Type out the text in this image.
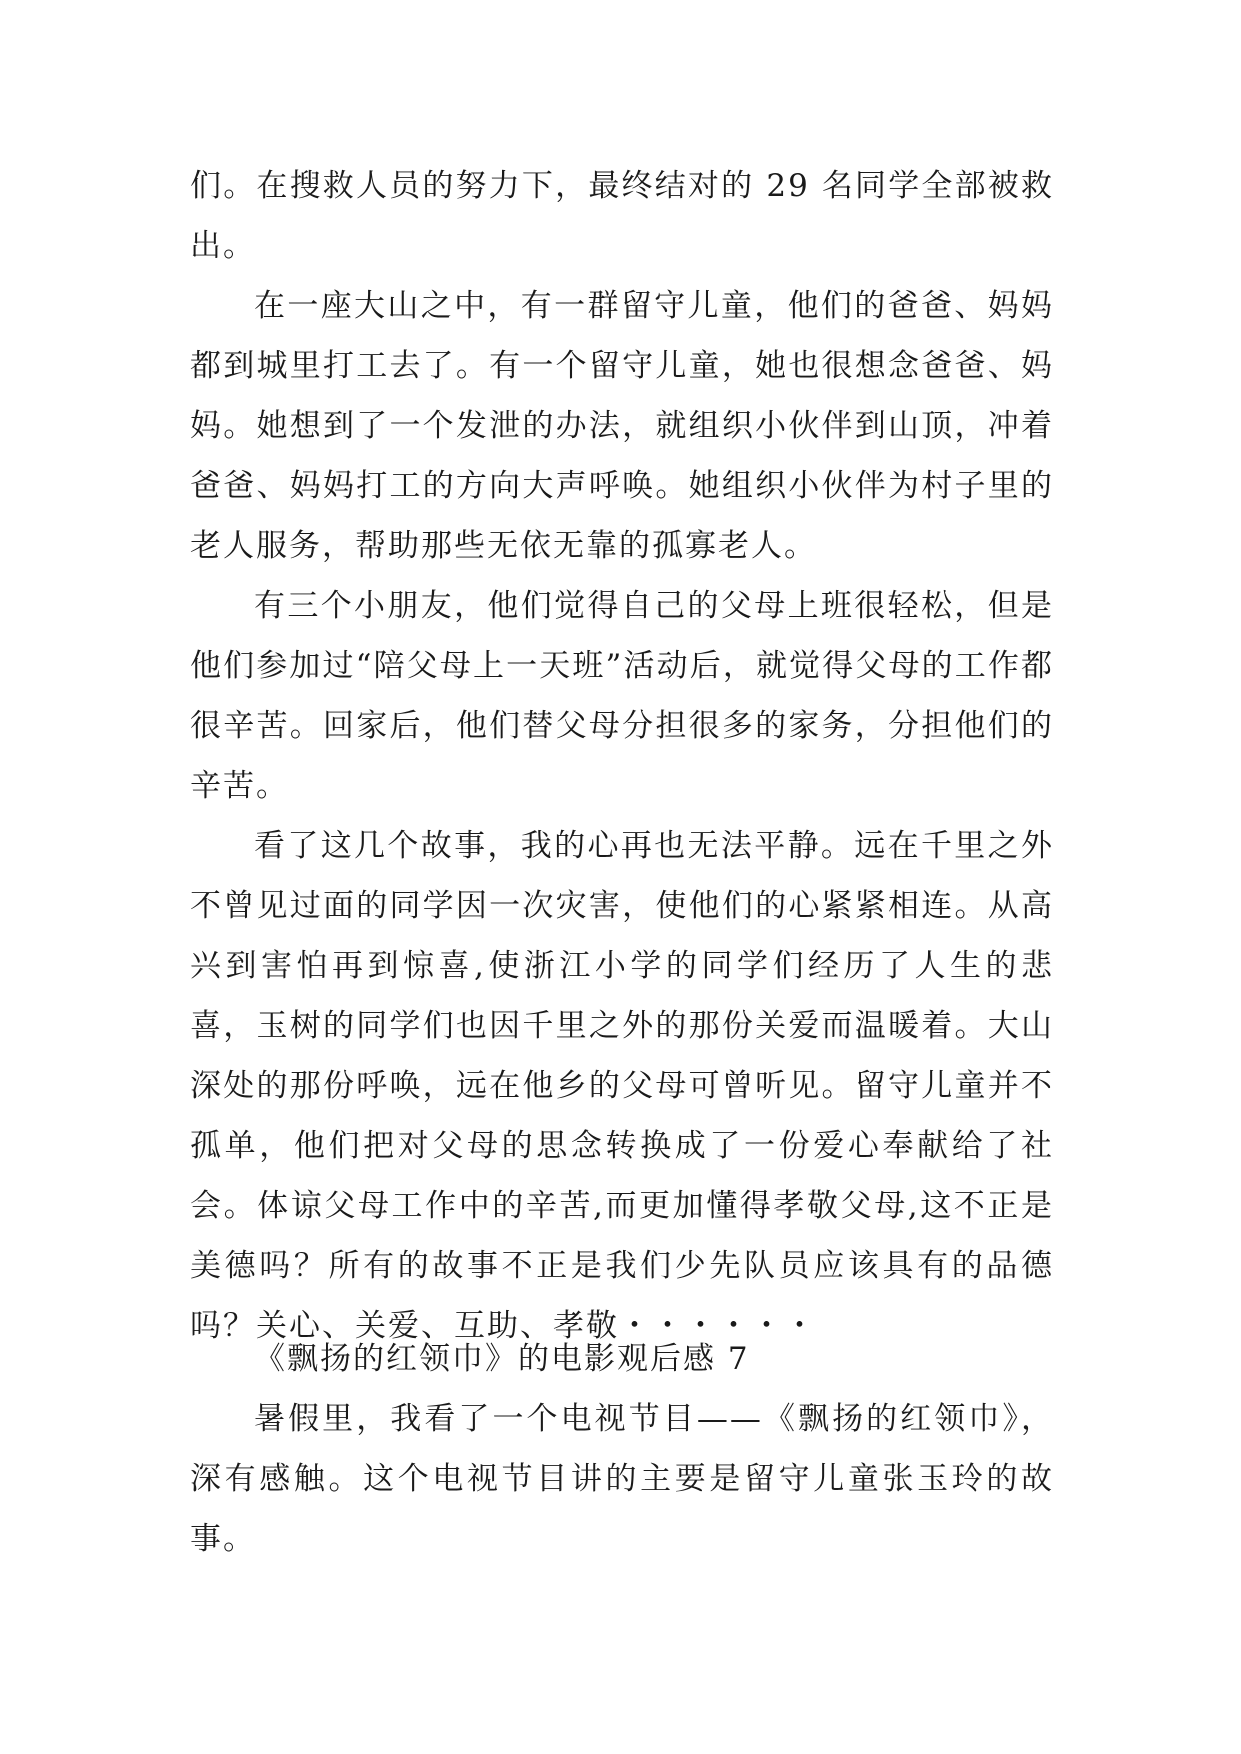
们。在搜救人员的努力下，最终结对的 29 名同学全部被救出。

在一座大山之中，有一群留守儿童，他们的爸爸、妈妈都到城里打工去了。有一个留守儿童，她也很想念爸爸、妈妈。她想到了一个发泄的办法，就组织小伙伴到山顶，冲着爸爸、妈妈打工的方向大声呼唤。她组织小伙伴为村子里的老人服务，帮助那些无依无靠的孤寡老人。

有三个小朋友，他们觉得自己的父母上班很轻松，但是他们参加过“陪父母上一天班”活动后，就觉得父母的工作都很辛苦。回家后，他们替父母分担很多的家务，分担他们的辛苦。

看了这几个故事，我的心再也无法平静。远在千里之外不曾见过面的同学因一次灾害，使他们的心紧紧相连。从高兴到害怕再到惊喜,使浙江小学的同学们经历了人生的悲喜，玉树的同学们也因千里之外的那份关爱而温暖着。大山深处的那份呼唤，远在他乡的父母可曾听见。留守儿童并不孤单，他们把对父母的思念转换成了一份爱心奉献给了社会。体谅父母工作中的辛苦,而更加懂得孝敬父母,这不正是美德吗？所有的故事不正是我们少先队员应该具有的品德吗？关心、关爱、互助、孝敬・・・・・・

《飘扬的红领巾》的电影观后感 7

暑假里，我看了一个电视节目——《飘扬的红领巾》，深有感触。这个电视节目讲的主要是留守儿童张玉玲的故事。
